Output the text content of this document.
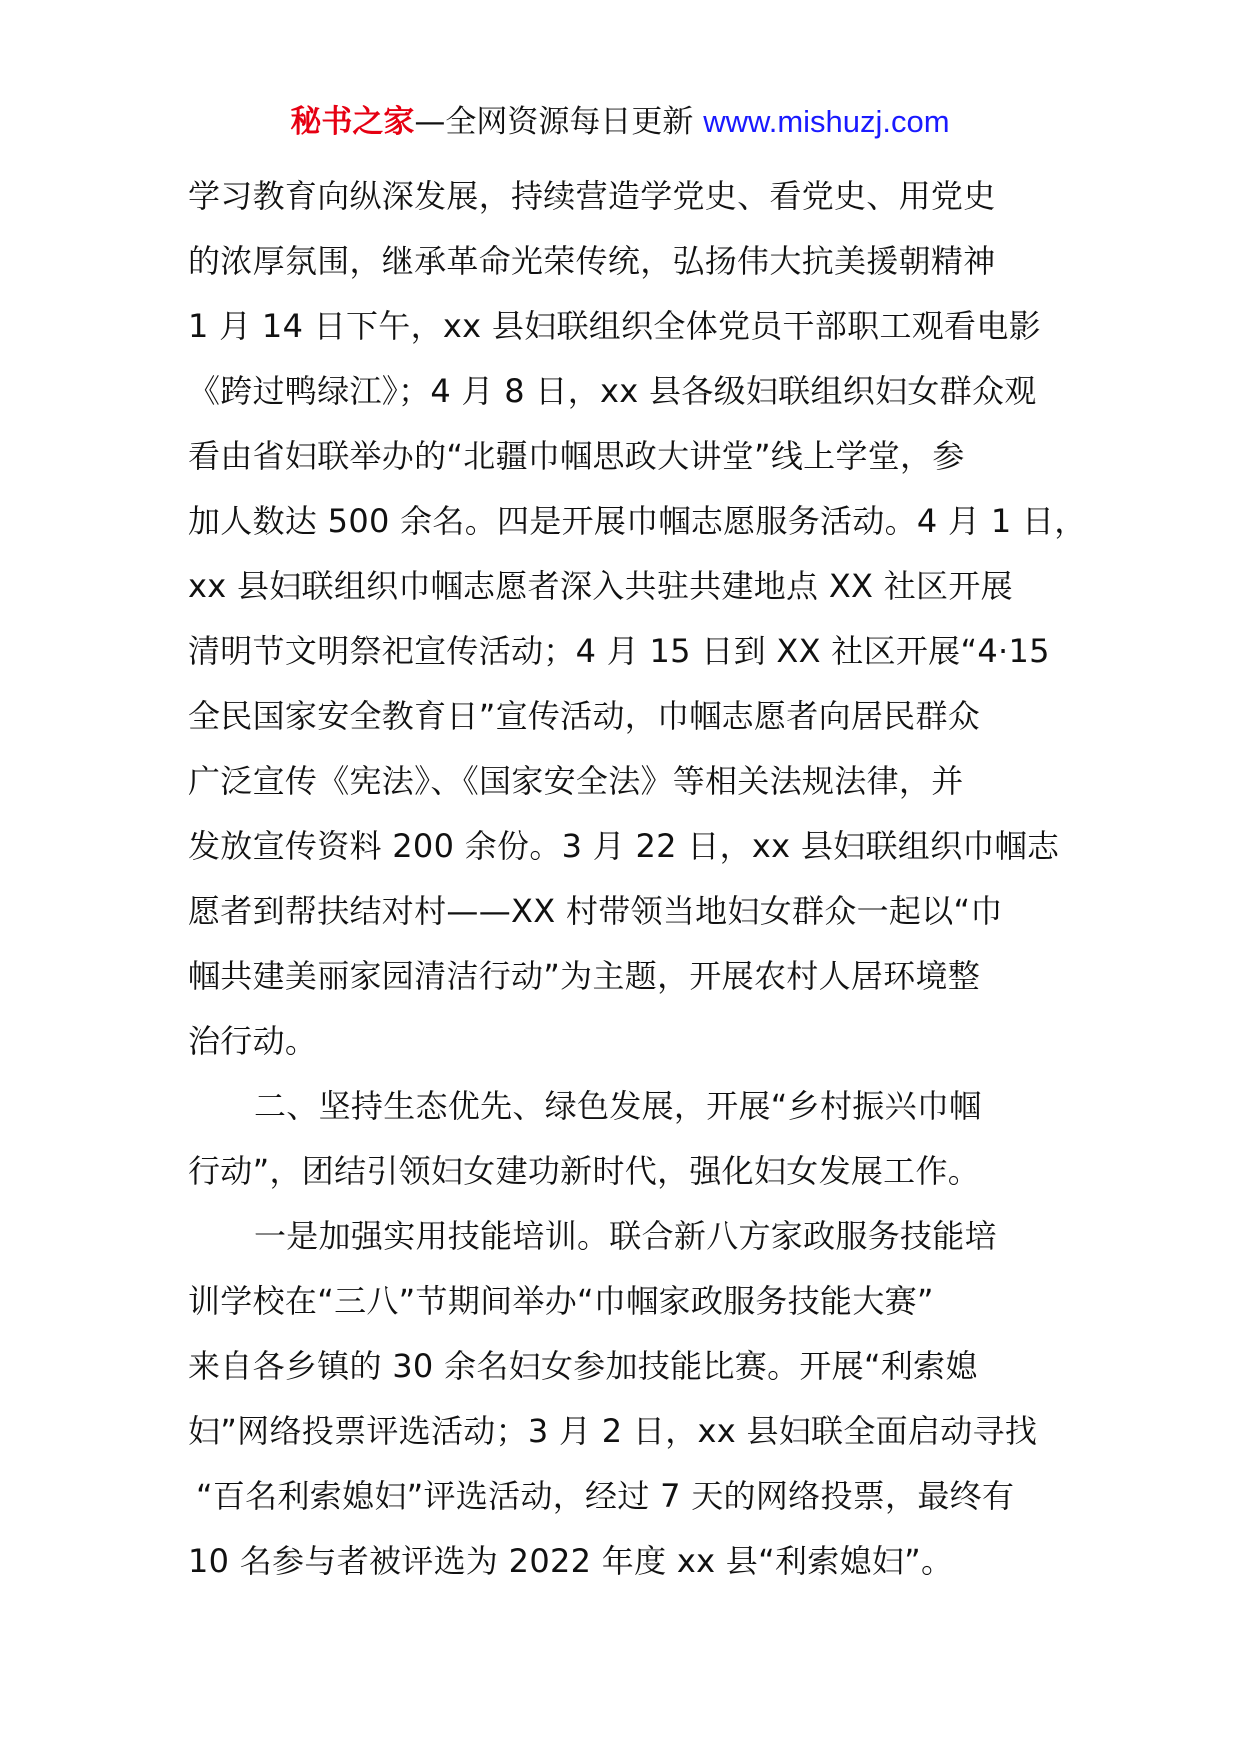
秘书之家—全网资源每日更新 www.mishuzj.com
学习教育向纵深发展，持续营造学党史、看党史、用党史
的浓厚氛围，继承革命光荣传统，弘扬伟大抗美援朝精神
1 月 14 日下午，xx 县妇联组织全体党员干部职工观看电影
《跨过鸭绿江》；4 月 8 日，xx 县各级妇联组织妇女群众观
看由省妇联举办的“北疆巾帼思政大讲堂”线上学堂，参
加人数达 500 余名。四是开展巾帼志愿服务活动。4 月 1 日，
xx 县妇联组织巾帼志愿者深入共驻共建地点 XX 社区开展
清明节文明祭祀宣传活动；4 月 15 日到 XX 社区开展“4·15
全民国家安全教育日”宣传活动，巾帼志愿者向居民群众
广泛宣传《宪法》、《国家安全法》等相关法规法律，并
发放宣传资料 200 余份。3 月 22 日，xx 县妇联组织巾帼志
愿者到帮扶结对村——XX 村带领当地妇女群众一起以“巾
帼共建美丽家园清洁行动”为主题，开展农村人居环境整
治行动。
二、坚持生态优先、绿色发展，开展“乡村振兴巾帼
行动”，团结引领妇女建功新时代，强化妇女发展工作。
一是加强实用技能培训。联合新八方家政服务技能培
训学校在“三八”节期间举办“巾帼家政服务技能大赛”
来自各乡镇的 30 余名妇女参加技能比赛。开展“利索媳
妇”网络投票评选活动；3 月 2 日，xx 县妇联全面启动寻找
“百名利索媳妇”评选活动，经过 7 天的网络投票，最终有
10 名参与者被评选为 2022 年度 xx 县“利索媳妇”。
